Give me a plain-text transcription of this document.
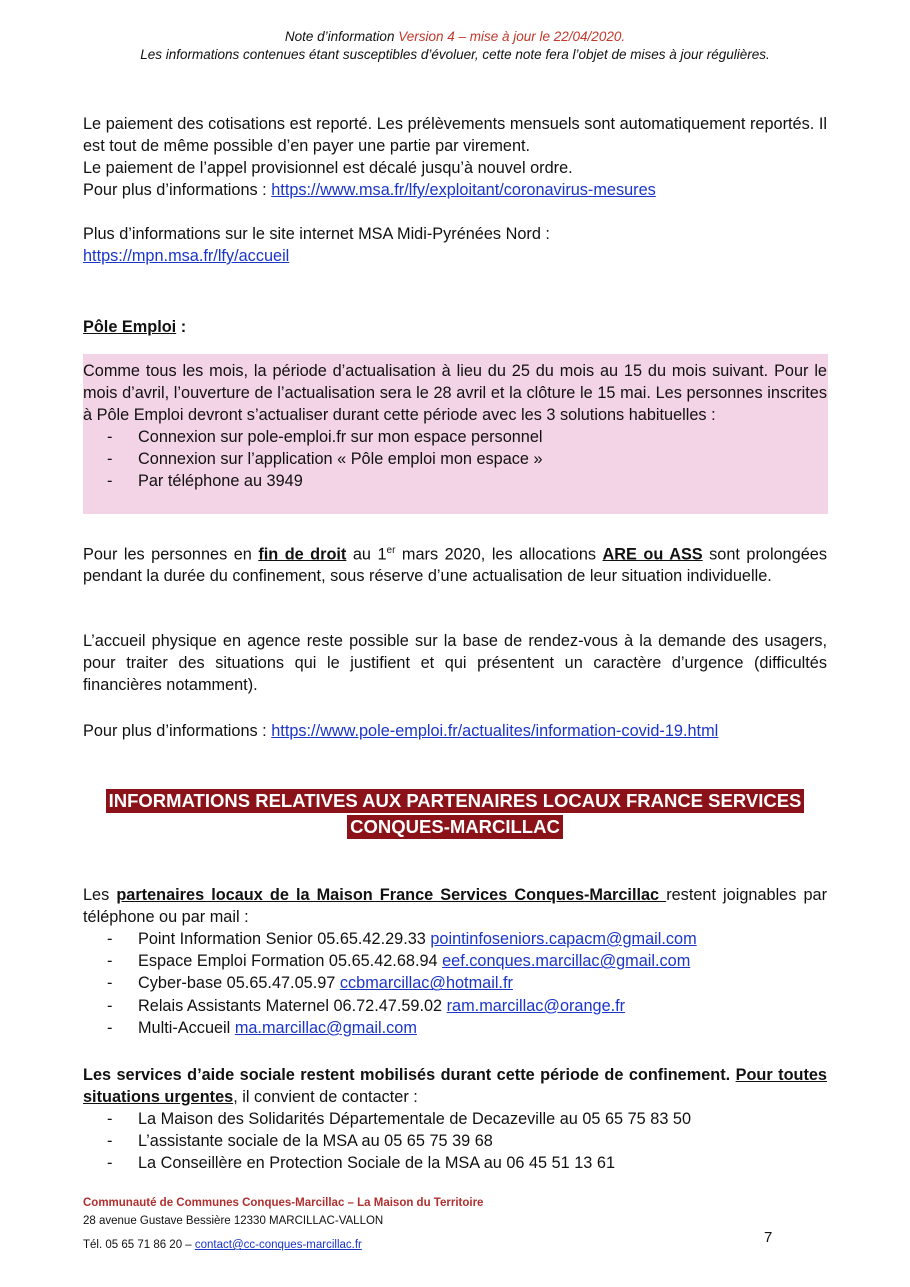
Note d’information Version 4 – mise à jour le 22/04/2020.
Les informations contenues étant susceptibles d’évoluer, cette note fera l’objet de mises à jour régulières.

Le paiement des cotisations est reporté. Les prélèvements mensuels sont automatiquement reportés. Il est tout de même possible d’en payer une partie par virement.

Le paiement de l’appel provisionnel est décalé jusqu’à nouvel ordre.

Pour plus d’informations : https://www.msa.fr/lfy/exploitant/coronavirus-mesures

Plus d’informations sur le site internet MSA Midi-Pyrénées Nord :

https://mpn.msa.fr/lfy/accueil

Pôle Emploi :

Comme tous les mois, la période d’actualisation à lieu du 25 du mois au 15 du mois suivant. Pour le mois d’avril, l’ouverture de l’actualisation sera le 28 avril et la clôture le 15 mai. Les personnes inscrites à Pôle Emploi devront s’actualiser durant cette période avec les 3 solutions habituelles :

- Connexion sur pole-emploi.fr sur mon espace personnel
- Connexion sur l’application « Pôle emploi mon espace »
- Par téléphone au 3949

Pour les personnes en fin de droit au 1er mars 2020, les allocations ARE ou ASS sont prolongées pendant la durée du confinement, sous réserve d’une actualisation de leur situation individuelle.

L’accueil physique en agence reste possible sur la base de rendez-vous à la demande des usagers, pour traiter des situations qui le justifient et qui présentent un caractère d’urgence (difficultés financières notamment).

Pour plus d’informations : https://www.pole-emploi.fr/actualites/information-covid-19.html

INFORMATIONS RELATIVES AUX PARTENAIRES LOCAUX FRANCE SERVICES
CONQUES-MARCILLAC

Les partenaires locaux de la Maison France Services Conques-Marcillac restent joignables par téléphone ou par mail :

- Point Information Senior 05.65.42.29.33 pointinfoseniors.capacm@gmail.com
- Espace Emploi Formation 05.65.42.68.94 eef.conques.marcillac@gmail.com
- Cyber-base 05.65.47.05.97 ccbmarcillac@hotmail.fr
- Relais Assistants Maternel 06.72.47.59.02 ram.marcillac@orange.fr
- Multi-Accueil ma.marcillac@gmail.com

Les services d’aide sociale restent mobilisés durant cette période de confinement. Pour toutes situations urgentes, il convient de contacter :

- La Maison des Solidarités Départementale de Decazeville au 05 65 75 83 50
- L’assistante sociale de la MSA au 05 65 75 39 68
- La Conseillère en Protection Sociale de la MSA au 06 45 51 13 61
Communauté de Communes Conques-Marcillac – La Maison du Territoire
28 avenue Gustave Bessière 12330 MARCILLAC-VALLON
Tél. 05 65 71 86 20 – contact@cc-conques-marcillac.fr	7
